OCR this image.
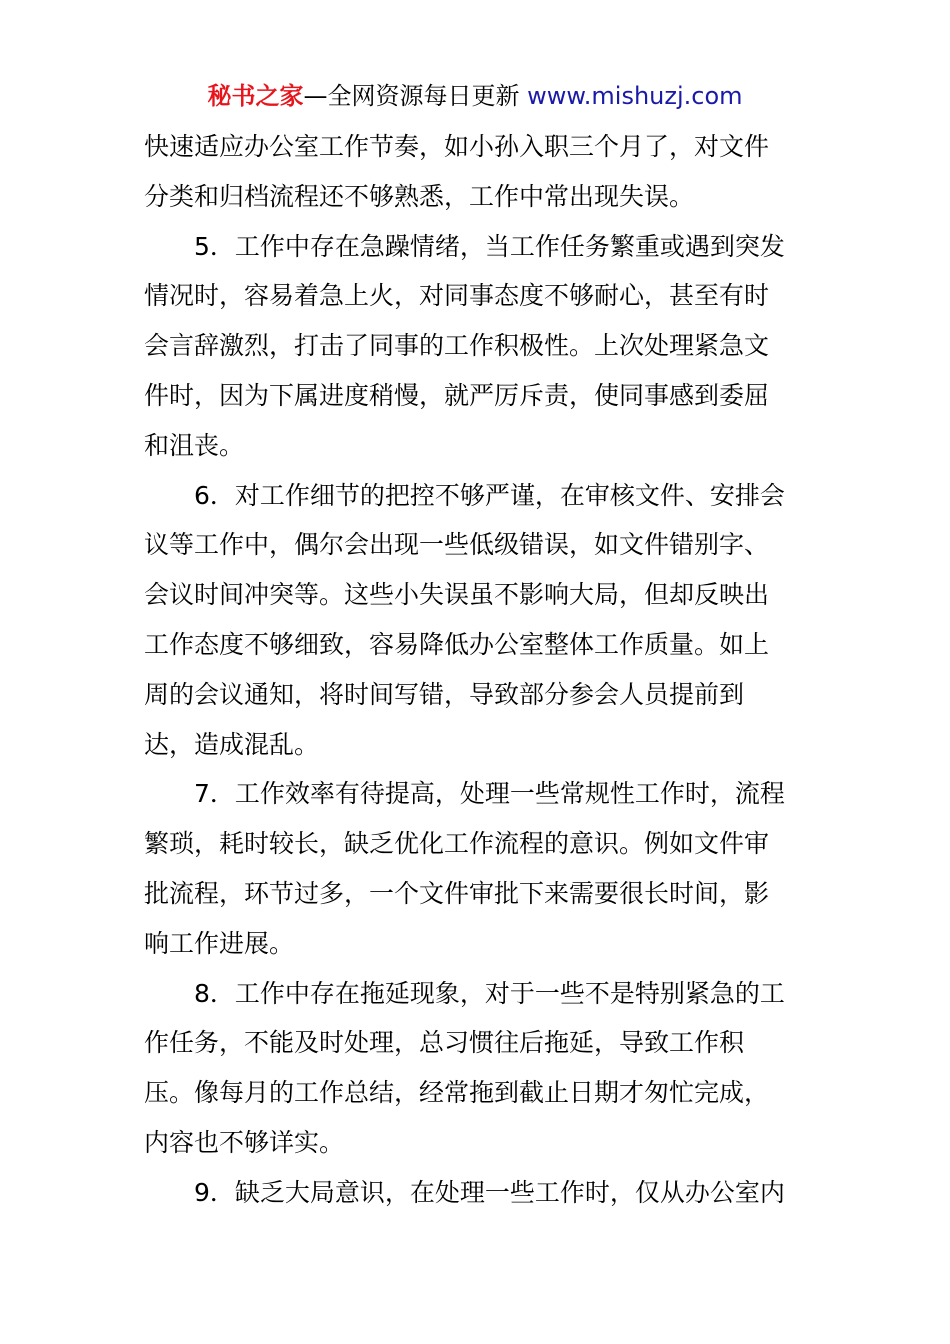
秘书之家—全网资源每日更新 www.mishuzj.com
快速适应办公室工作节奏，如小孙入职三个月了，对文件
分类和归档流程还不够熟悉，工作中常出现失误。
5．工作中存在急躁情绪，当工作任务繁重或遇到突发
情况时，容易着急上火，对同事态度不够耐心，甚至有时
会言辞激烈，打击了同事的工作积极性。上次处理紧急文
件时，因为下属进度稍慢，就严厉斥责，使同事感到委屈
和沮丧。
6．对工作细节的把控不够严谨，在审核文件、安排会
议等工作中，偶尔会出现一些低级错误，如文件错别字、
会议时间冲突等。这些小失误虽不影响大局，但却反映出
工作态度不够细致，容易降低办公室整体工作质量。如上
周的会议通知，将时间写错，导致部分参会人员提前到
达，造成混乱。
7．工作效率有待提高，处理一些常规性工作时，流程
繁琐，耗时较长，缺乏优化工作流程的意识。例如文件审
批流程，环节过多，一个文件审批下来需要很长时间，影
响工作进展。
8．工作中存在拖延现象，对于一些不是特别紧急的工
作任务，不能及时处理，总习惯往后拖延，导致工作积
压。像每月的工作总结，经常拖到截止日期才匆忙完成，
内容也不够详实。
9．缺乏大局意识，在处理一些工作时，仅从办公室内
